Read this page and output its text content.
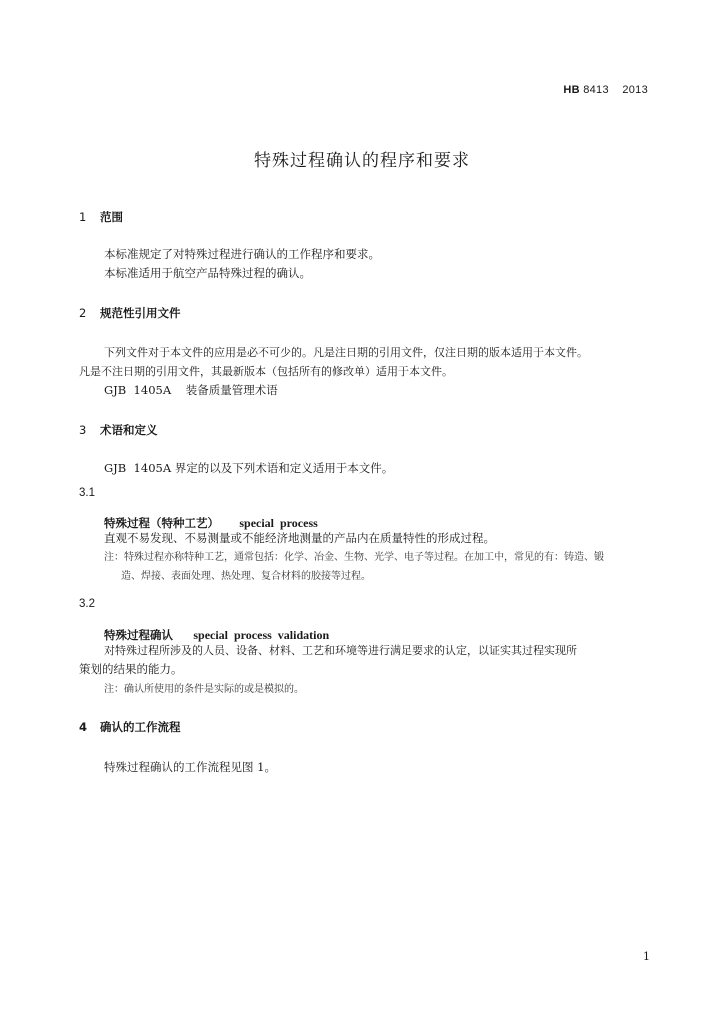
HB 8413 2013
特殊过程确认的程序和要求
1 范围
本标准规定了对特殊过程进行确认的工作程序和要求。
本标准适用于航空产品特殊过程的确认。
2 规范性引用文件
下列文件对于本文件的应用是必不可少的。凡是注日期的引用文件，仅注日期的版本适用于本文件。
凡是不注日期的引用文件，其最新版本（包括所有的修改单）适用于本文件。
GJB  1405A    装备质量管理术语
3 术语和定义
GJB  1405A 界定的以及下列术语和定义适用于本文件。
3.1
特殊过程（特种工艺） special  process
直观不易发现、不易测量或不能经济地测量的产品内在质量特性的形成过程。
注：特殊过程亦称特种工艺，通常包括：化学、冶金、生物、光学、电子等过程。在加工中，常见的有：铸造、锻
造、焊接、表面处理、热处理、复合材料的胶接等过程。
3.2
特殊过程确认 special  process  validation
对特殊过程所涉及的人员、设备、材料、工艺和环境等进行满足要求的认定，以证实其过程实现所
策划的结果的能力。
注：确认所使用的条件是实际的或是模拟的。
4 确认的工作流程
特殊过程确认的工作流程见图 1。
1
